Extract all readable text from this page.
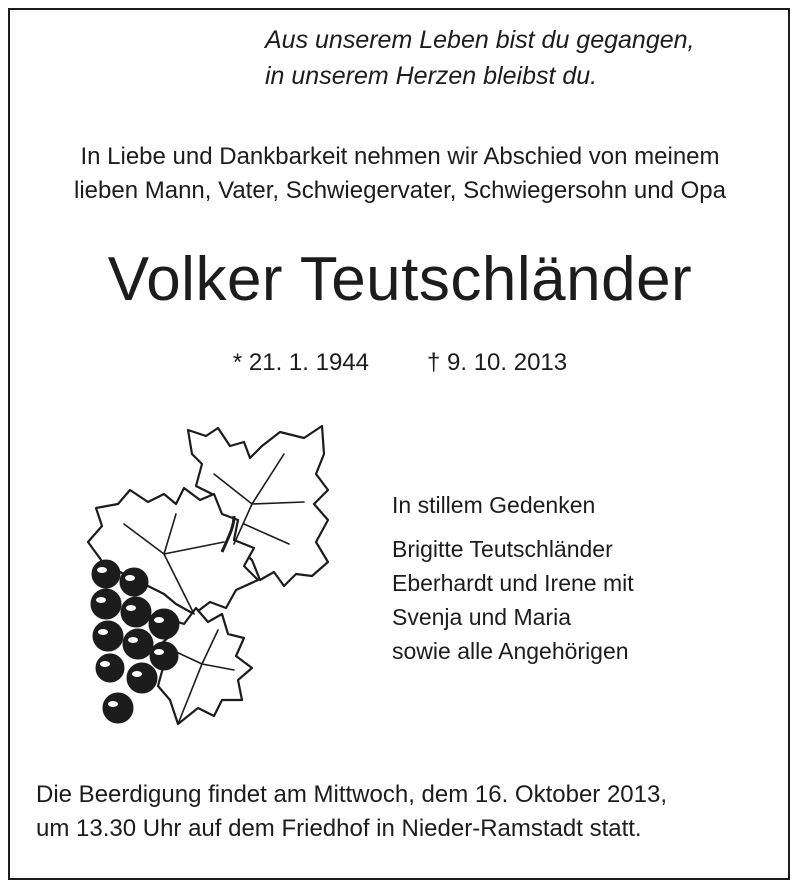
Aus unserem Leben bist du gegangen,
in unserem Herzen bleibst du.
In Liebe und Dankbarkeit nehmen wir Abschied von meinem
lieben Mann, Vater, Schwiegervater, Schwiegersohn und Opa
Volker Teutschländer
* 21. 1. 1944 † 9. 10. 2013
In stillem Gedenken
Brigitte Teutschländer
Eberhardt und Irene mit
Svenja und Maria
sowie alle Angehörigen
Die Beerdigung findet am Mittwoch, dem 16. Oktober 2013,
um 13.30 Uhr auf dem Friedhof in Nieder-Ramstadt statt.
